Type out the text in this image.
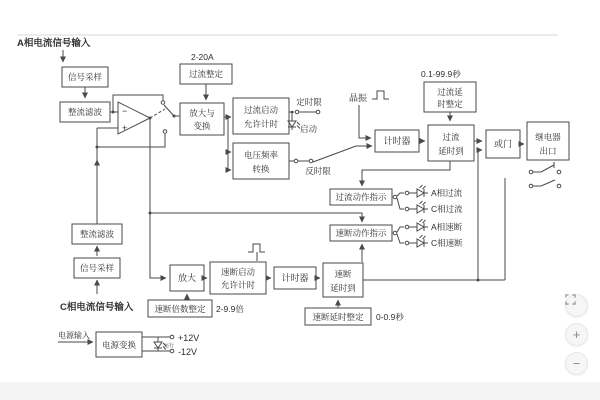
A相电流信号输入
信号采样
整流滤波 −
+
2-20A
过流整定
放大与
变换
过流启动
允许计时
电压频率
转换
定时限
启动
反时限
晶振
计时器
0.1-99.9秒
过流延
时整定
过流
延时到
或门
继电器
出口
过流动作指示	A相过流
C相过流
速断动作指示
A相速断
C相速断
整流滤波
信号采样
C相电流信号输入
放大
速断倍数整定 2-9.9倍
速断启动
允许计时
计时器	速断
延时到
速断延时整定 0-0.9秒
电源输入
电源变换
+12V
-12V
运行
+
−
